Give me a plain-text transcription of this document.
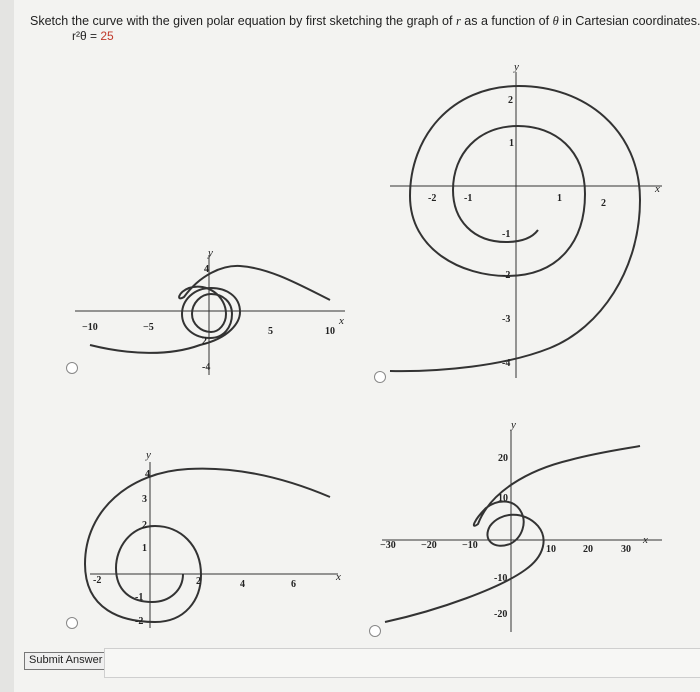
Sketch the curve with the given polar equation by first sketching the graph of r as a function of θ in Cartesian coordinates.
r²θ = 25
−10	−5	5	10
4
2
-4
x
y
-2	-1	1	2
2
1
-1
-2
-3
-4
x
y
-2	2	4	6
4
3
2
1
-1
-2
x
y
−30	−20	−10	10	20	30
20
10
-10
-20
x
y
Submit Answer
